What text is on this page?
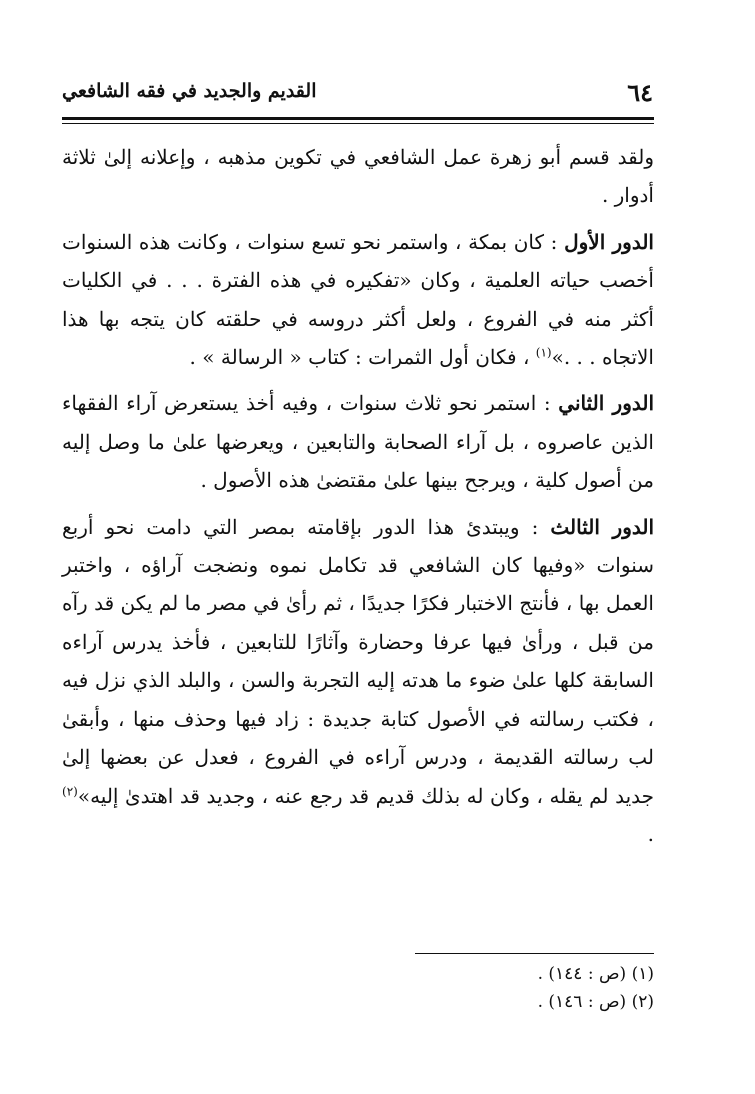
٦٤
القديم والجديد في فقه الشافعي

ولقد قسم أبو زهرة عمل الشافعي في تكوين مذهبه ، وإعلانه إلىٰ ثلاثة أدوار .

الدور الأول : كان بمكة ، واستمر نحو تسع سنوات ، وكانت هذه السنوات أخصب حياته العلمية ، وكان «تفكيره في هذه الفترة . . . في الكليات أكثر منه في الفروع ، ولعل أكثر دروسه في حلقته كان يتجه بها هذا الاتجاه . . .»$^{(١)}$ ، فكان أول الثمرات : كتاب « الرسالة » .

الدور الثاني : استمر نحو ثلاث سنوات ، وفيه أخذ يستعرض آراء الفقهاء الذين عاصروه ، بل آراء الصحابة والتابعين ، ويعرضها علىٰ ما وصل إليه من أصول كلية ، ويرجح بينها علىٰ مقتضىٰ هذه الأصول .

الدور الثالث : ويبتدئ هذا الدور بإقامته بمصر التي دامت نحو أربع سنوات «وفيها كان الشافعي قد تكامل نموه ونضجت آراؤه ، واختبر العمل بها ، فأنتج الاختبار فكرًا جديدًا ، ثم رأىٰ في مصر ما لم يكن قد رآه من قبل ، ورأىٰ فيها عرفا وحضارة وآثارًا للتابعين ، فأخذ يدرس آراءه السابقة كلها علىٰ ضوء ما هدته إليه التجربة والسن ، والبلد الذي نزل فيه ، فكتب رسالته في الأصول كتابة جديدة : زاد فيها وحذف منها ، وأبقىٰ لب رسالته القديمة ، ودرس آراءه في الفروع ، فعدل عن بعضها إلىٰ جديد لم يقله ، وكان له بذلك قديم قد رجع عنه ، وجديد قد اهتدىٰ إليه»$^{(٢)}$ .

(١) (ص : ١٤٤) .

(٢) (ص : ١٤٦) .
